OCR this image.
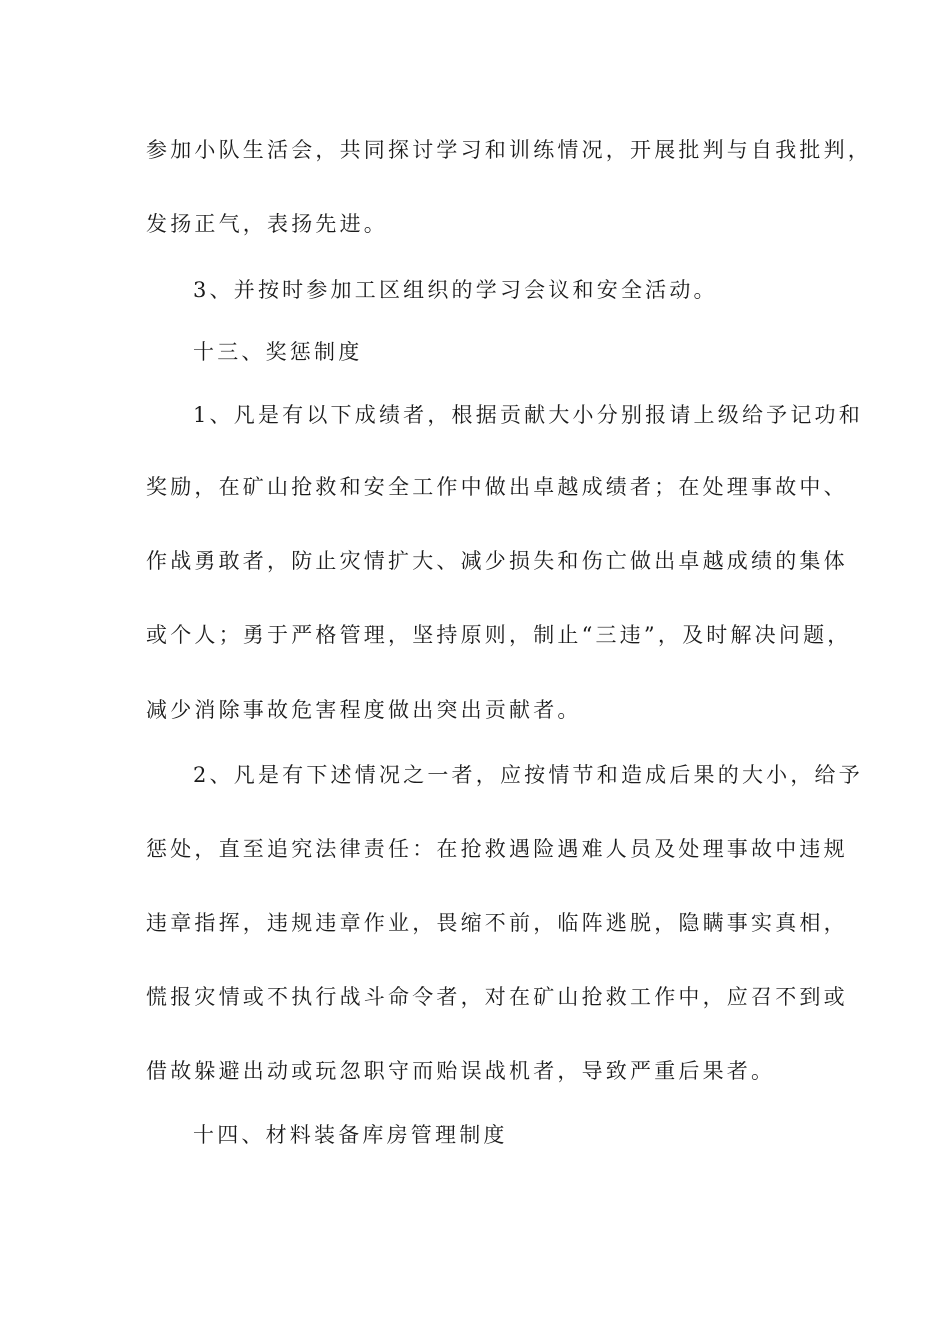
参加小队生活会，共同探讨学习和训练情况，开展批判与自我批判，
发扬正气，表扬先进。
3、并按时参加工区组织的学习会议和安全活动。
十三、奖惩制度
1、凡是有以下成绩者，根据贡献大小分别报请上级给予记功和
奖励，在矿山抢救和安全工作中做出卓越成绩者；在处理事故中、
作战勇敢者，防止灾情扩大、减少损失和伤亡做出卓越成绩的集体
或个人；勇于严格管理，坚持原则，制止“三违”，及时解决问题，
减少消除事故危害程度做出突出贡献者。
2、凡是有下述情况之一者，应按情节和造成后果的大小，给予
惩处，直至追究法律责任：在抢救遇险遇难人员及处理事故中违规
违章指挥，违规违章作业，畏缩不前，临阵逃脱，隐瞒事实真相，
慌报灾情或不执行战斗命令者，对在矿山抢救工作中，应召不到或
借故躲避出动或玩忽职守而贻误战机者，导致严重后果者。
十四、材料装备库房管理制度
